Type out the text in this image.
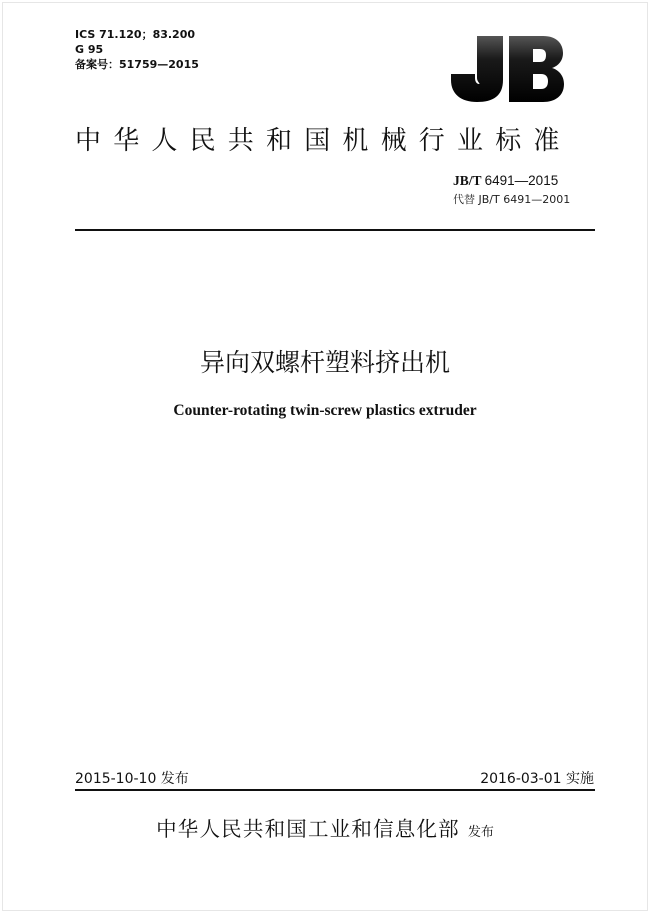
ICS 71.120；83.200
G 95
备案号：51759—2015
中华人民共和国机械行业标准
JB/T 6491—2015
代替 JB/T 6491—2001
异向双螺杆塑料挤出机
Counter-rotating twin-screw plastics extruder
2015-10-10 发布	2016-03-01 实施
中华人民共和国工业和信息化部 发布
